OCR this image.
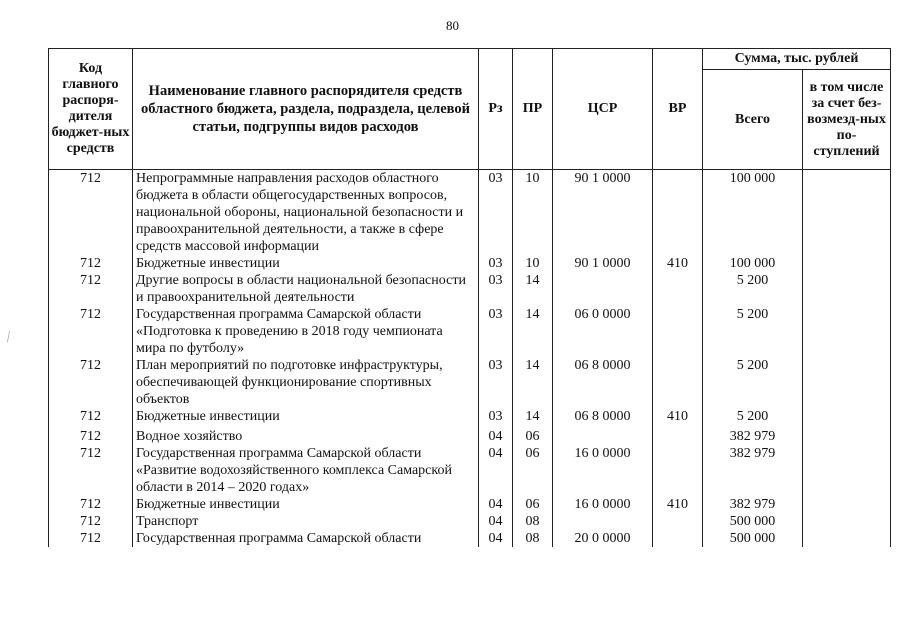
80
⁄
Код главного распоря-дителя бюджет-ных средств	Наименование главного распорядителя средств областного бюджета, раздела, подраздела, целевой статьи, подгруппы видов расходов	Рз	ПР	ЦСР	ВР	Сумма, тыс. рублей	
						Всего	в том числе за счет без-возмезд-ных по-ступлений
712	Непрограммные направления расходов областного бюджета в области общегосударственных вопросов, национальной обороны, национальной безопасности и правоохранительной деятельности, а также в сфере средств массовой информации	03	10	90 1 0000		100 000	
712	Бюджетные инвестиции	03	10	90 1 0000	410	100 000	
712	Другие вопросы в области национальной безопасности и правоохранительной деятельности	03	14			5 200	
712	Государственная программа Самарской области «Подготовка к проведению в 2018 году чемпионата мира по футболу»	03	14	06 0 0000		5 200	
712	План мероприятий по подготовке инфраструктуры, обеспечивающей функционирование спортивных объектов	03	14	06 8 0000		5 200	
712	Бюджетные инвестиции	03	14	06 8 0000	410	5 200	
712	Водное хозяйство	04	06			382 979	
712	Государственная программа Самарской области «Развитие водохозяйственного комплекса Самарской области в 2014 – 2020 годах»	04	06	16 0 0000		382 979	
712	Бюджетные инвестиции	04	06	16 0 0000	410	382 979	
712	Транспорт	04	08			500 000	
712	Государственная программа Самарской области	04	08	20 0 0000		500 000	
